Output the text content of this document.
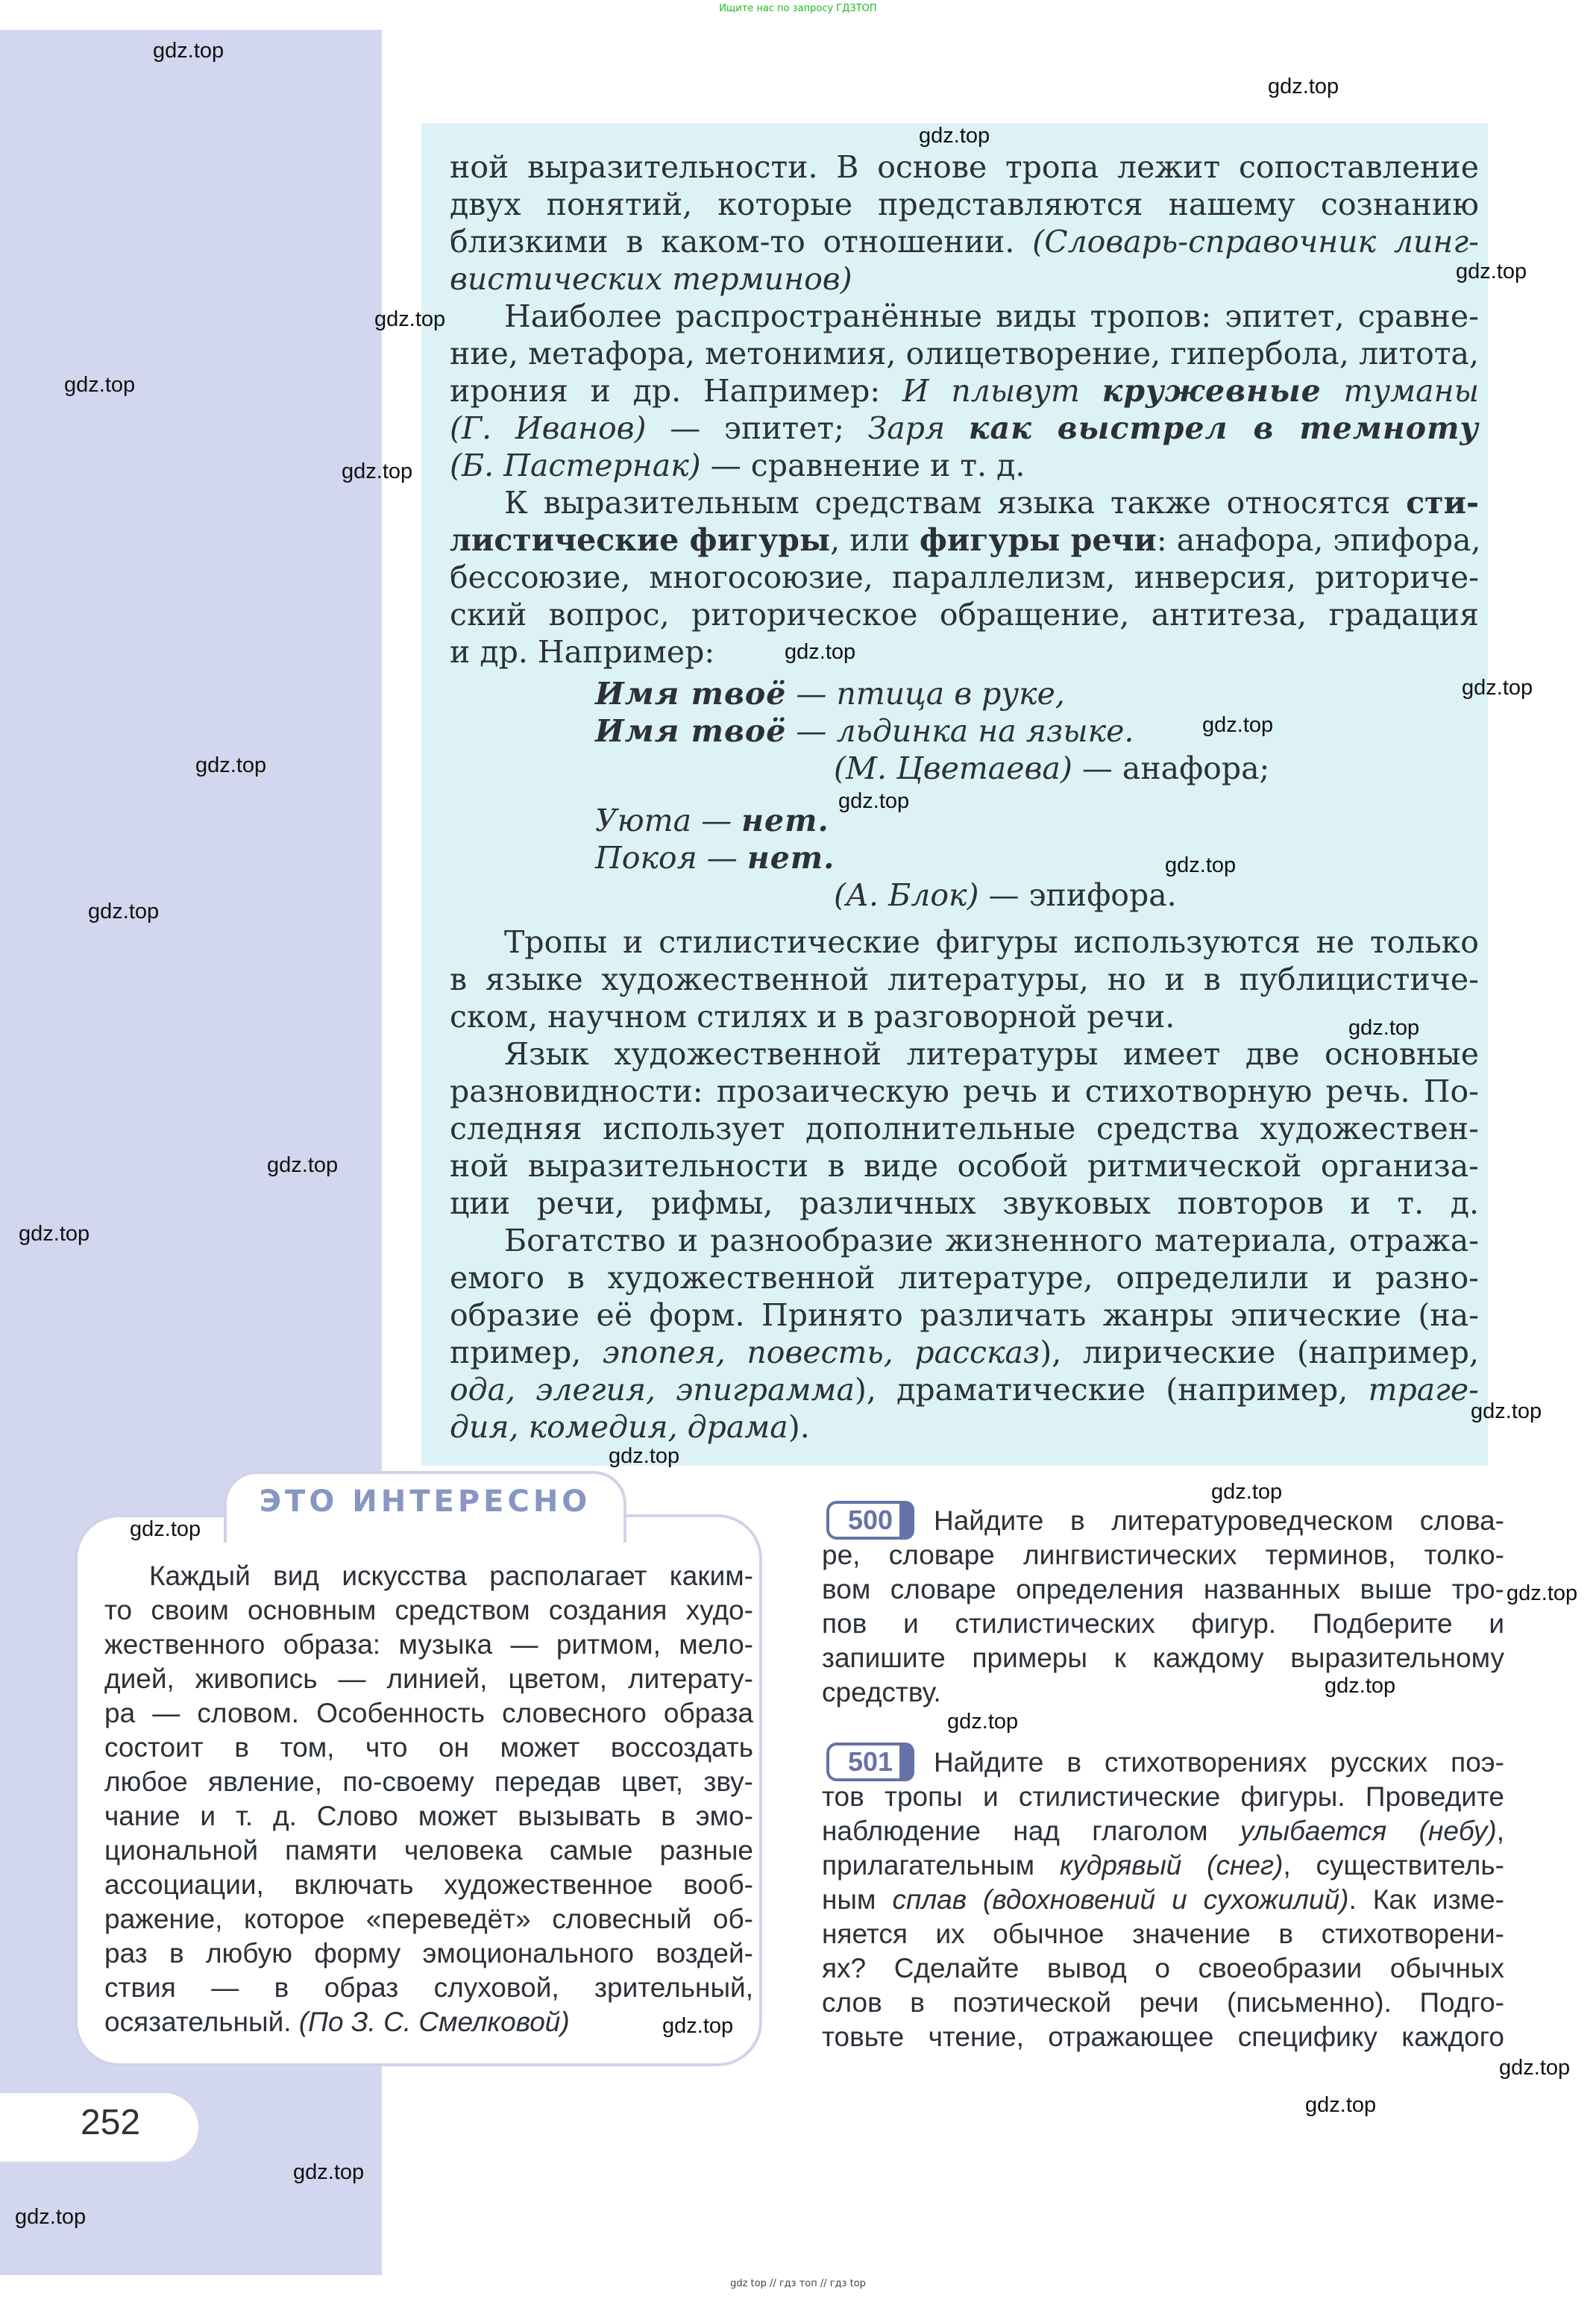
Ищите нас по запросу ГДЗТОП
ной выразительности. В основе тропа лежит сопоставление
двух понятий, которые представляются нашему сознанию
близкими в каком-то отношении. (Словарь-справочник линг-
вистических терминов)
Наиболее распространённые виды тропов: эпитет, сравне-
ние, метафора, метонимия, олицетворение, гипербола, литота,
ирония и др. Например: И плывут кружевные туманы
(Г. Иванов) — эпитет; Заря как выстрел в темноту
(Б. Пастернак) — сравнение и т. д.
К выразительным средствам языка также относятся сти-
листические фигуры, или фигуры речи: анафора, эпифора,
бессоюзие, многосоюзие, параллелизм, инверсия, риториче-
ский вопрос, риторическое обращение, антитеза, градация
и др. Например:
Имя твоё — птица в руке,
Имя твоё — льдинка на языке.
(М. Цветаева) — анафора;
Уюта — нет.
Покоя — нет.
(А. Блок) — эпифора.
Тропы и стилистические фигуры используются не только
в языке художественной литературы, но и в публицистиче-
ском, научном стилях и в разговорной речи.
Язык художественной литературы имеет две основные
разновидности: прозаическую речь и стихотворную речь. По-
следняя использует дополнительные средства художествен-
ной выразительности в виде особой ритмической организа-
ции речи, рифмы, различных звуковых повторов и т. д.
Богатство и разнообразие жизненного материала, отража-
емого в художественной литературе, определили и разно-
образие её форм. Принято различать жанры эпические (на-
пример, эпопея, повесть, рассказ), лирические (например,
ода, элегия, эпиграмма), драматические (например, траге-
дия, комедия, драма).
ЭТО ИНТЕРЕСНО
Каждый вид искусства располагает каким-
то своим основным средством создания худо-
жественного образа: музыка — ритмом, мело-
дией, живопись — линией, цветом, литерату-
ра — словом. Особенность словесного образа
состоит в том, что он может воссоздать
любое явление, по-своему передав цвет, зву-
чание и т. д. Слово может вызывать в эмо-
циональной памяти человека самые разные
ассоциации, включать художественное вооб-
ражение, которое «переведёт» словесный об-
раз в любую форму эмоционального воздей-
ствия — в образ слуховой, зрительный,
осязательный. (По З. С. Смелковой)
500	Найдите в литературоведческом слова-
ре, словаре лингвистических терминов, толко-
вом словаре определения названных выше тро-
пов и стилистических фигур. Подберите и
запишите примеры к каждому выразительному
средству.
501	Найдите в стихотворениях русских поэ-
тов тропы и стилистические фигуры. Проведите
наблюдение над глаголом улыбается (небу),
прилагательным кудрявый (снег), существитель-
ным сплав (вдохновений и сухожилий). Как изме-
няется их обычное значение в стихотворени-
ях? Сделайте вывод о своеобразии обычных
слов в поэтической речи (письменно). Подго-
товьте чтение, отражающее специфику каждого
252
gdz.top
gdz.top
gdz.top
gdz.top
gdz.top
gdz.top
gdz.top
gdz.top
gdz.top
gdz.top
gdz.top
gdz.top
gdz.top
gdz.top
gdz.top
gdz.top
gdz.top
gdz.top
gdz.top
gdz.top
gdz.top
gdz.top
gdz.top
gdz.top
gdz.top
gdz.top
gdz.top
gdz.top
gdz.top
gdz top // гдз топ // гдз top
